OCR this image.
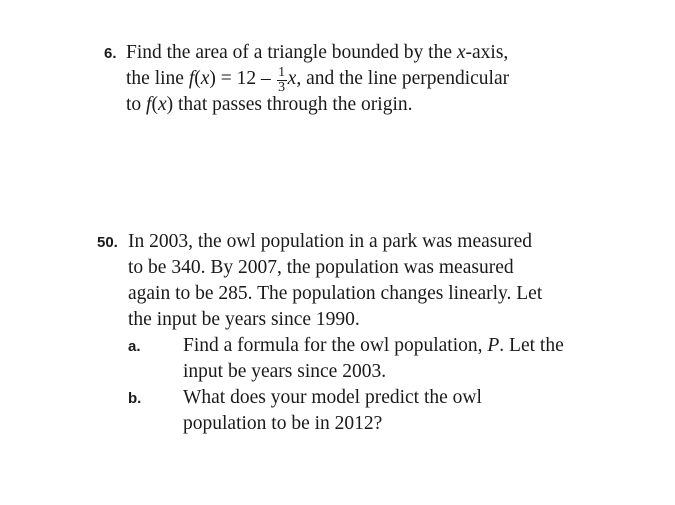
6. Find the area of a triangle bounded by the x-axis,
the line $f(x) = 12 - \frac{1}{3} x$, and the line perpendicular
to f(x) that passes through the origin.
50. In 2003, the owl population in a park was measured
to be 340. By 2007, the population was measured
again to be 285. The population changes linearly. Let
the input be years since 1990.
a.	Find a formula for the owl population, P. Let the
input be years since 2003.
b.	What does your model predict the owl
population to be in 2012?
